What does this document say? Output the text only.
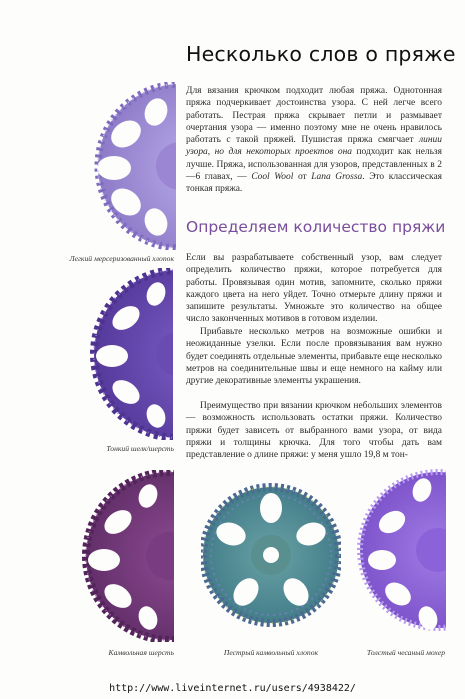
Легкий мерсеризованный хлопок
Тонкий шелк/шерсть
Камвольная шерсть	Пестрый камвольный хлопок	Толстый чесаный мохер
Несколько слов о пряже

Для вязания крючком подходит любая пряжа. Однотонная пряжа подчеркивает достоинства узора. С ней легче всего работать. Пестрая пряжа скрывает петли и размывает очертания узора — именно поэтому мне не очень нравилось работать с такой пряжей. Пушистая пряжа смягчает линии узора, но для некоторых проектов она подходит как нельзя лучше. Пряжа, использованная для узоров, представленных в 2—6 главах, — Cool Wool от Lana Grossa. Это классическая тонкая пряжа.

Определяем количество пряжи

Если вы разрабатываете собственный узор, вам следует определить количество пряжи, которое потребуется для работы. Провязывая один мотив, запомните, сколько пряжи каждого цвета на него уйдет. Точно отмерьте длину пряжи и запишите результаты. Умножьте это количество на общее число законченных мотивов в готовом изделии.

Прибавьте несколько метров на возможные ошибки и неожиданные узелки. Если после провязывания вам нужно будет соединять отдельные элементы, прибавьте еще несколько метров на соединительные швы и еще немного на кайму или другие декоративные элементы украшения.

Преимущество при вязании крючком небольших элементов — возможность использовать остатки пряжи. Количество пряжи будет зависеть от выбранного вами узора, от вида пряжи и толщины крючка. Для того чтобы дать вам представление о длине пряжи: у меня ушло 19,8 м тон-

http://www.liveinternet.ru/users/4938422/
